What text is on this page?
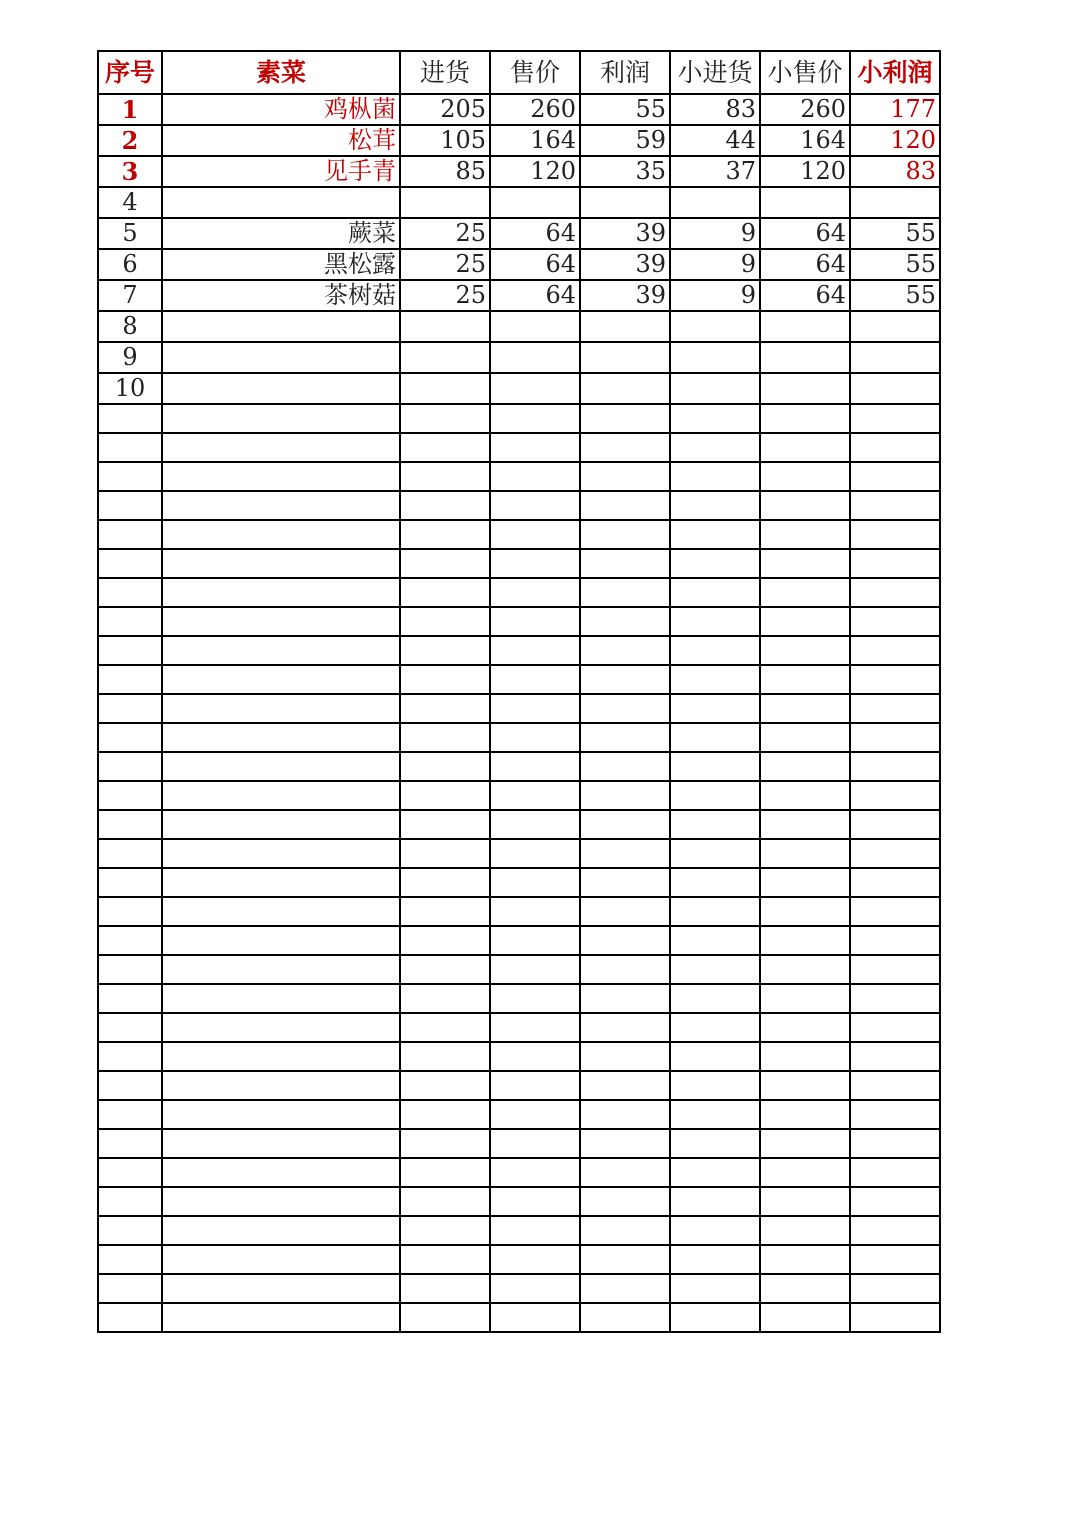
序号	素菜	进货	售价	利润	小进货	小售价	小利润
1	鸡枞菌	205	260	55	83	260	177
2	松茸	105	164	59	44	164	120
3	见手青	85	120	35	37	120	83
4							
5	蕨菜	25	64	39	9	64	55
6	黑松露	25	64	39	9	64	55
7	茶树菇	25	64	39	9	64	55
8							
9							
10							
